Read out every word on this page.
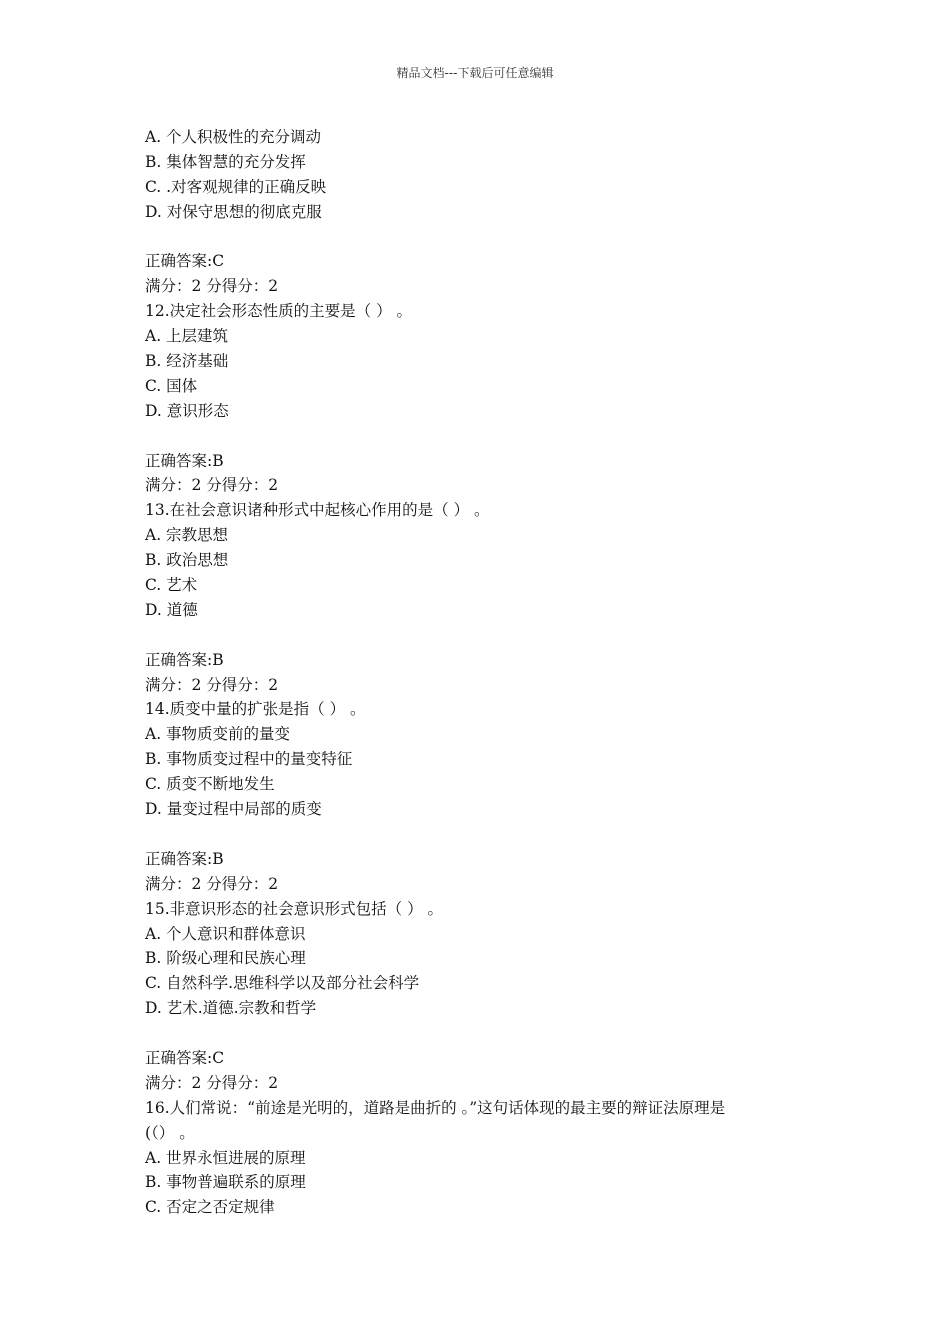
精品文档---下载后可任意编辑
A. 个人积极性的充分调动
B. 集体智慧的充分发挥
C. .对客观规律的正确反映
D. 对保守思想的彻底克服
正确答案:C
满分：2 分得分：2
12.决定社会形态性质的主要是（ ） 。
A. 上层建筑
B. 经济基础
C. 国体
D. 意识形态
正确答案:B
满分：2 分得分：2
13.在社会意识诸种形式中起核心作用的是（ ） 。
A. 宗教思想
B. 政治思想
C. 艺术
D. 道德
正确答案:B
满分：2 分得分：2
14.质变中量的扩张是指（ ） 。
A. 事物质变前的量变
B. 事物质变过程中的量变特征
C. 质变不断地发生
D. 量变过程中局部的质变
正确答案:B
满分：2 分得分：2
15.非意识形态的社会意识形式包括（ ） 。
A. 个人意识和群体意识
B. 阶级心理和民族心理
C. 自然科学.思维科学以及部分社会科学
D. 艺术.道德.宗教和哲学
正确答案:C
满分：2 分得分：2
16.人们常说：“前途是光明的，道路是曲折的 。”这句话体现的最主要的辩证法原理是
(（） 。
A. 世界永恒进展的原理
B. 事物普遍联系的原理
C. 否定之否定规律
